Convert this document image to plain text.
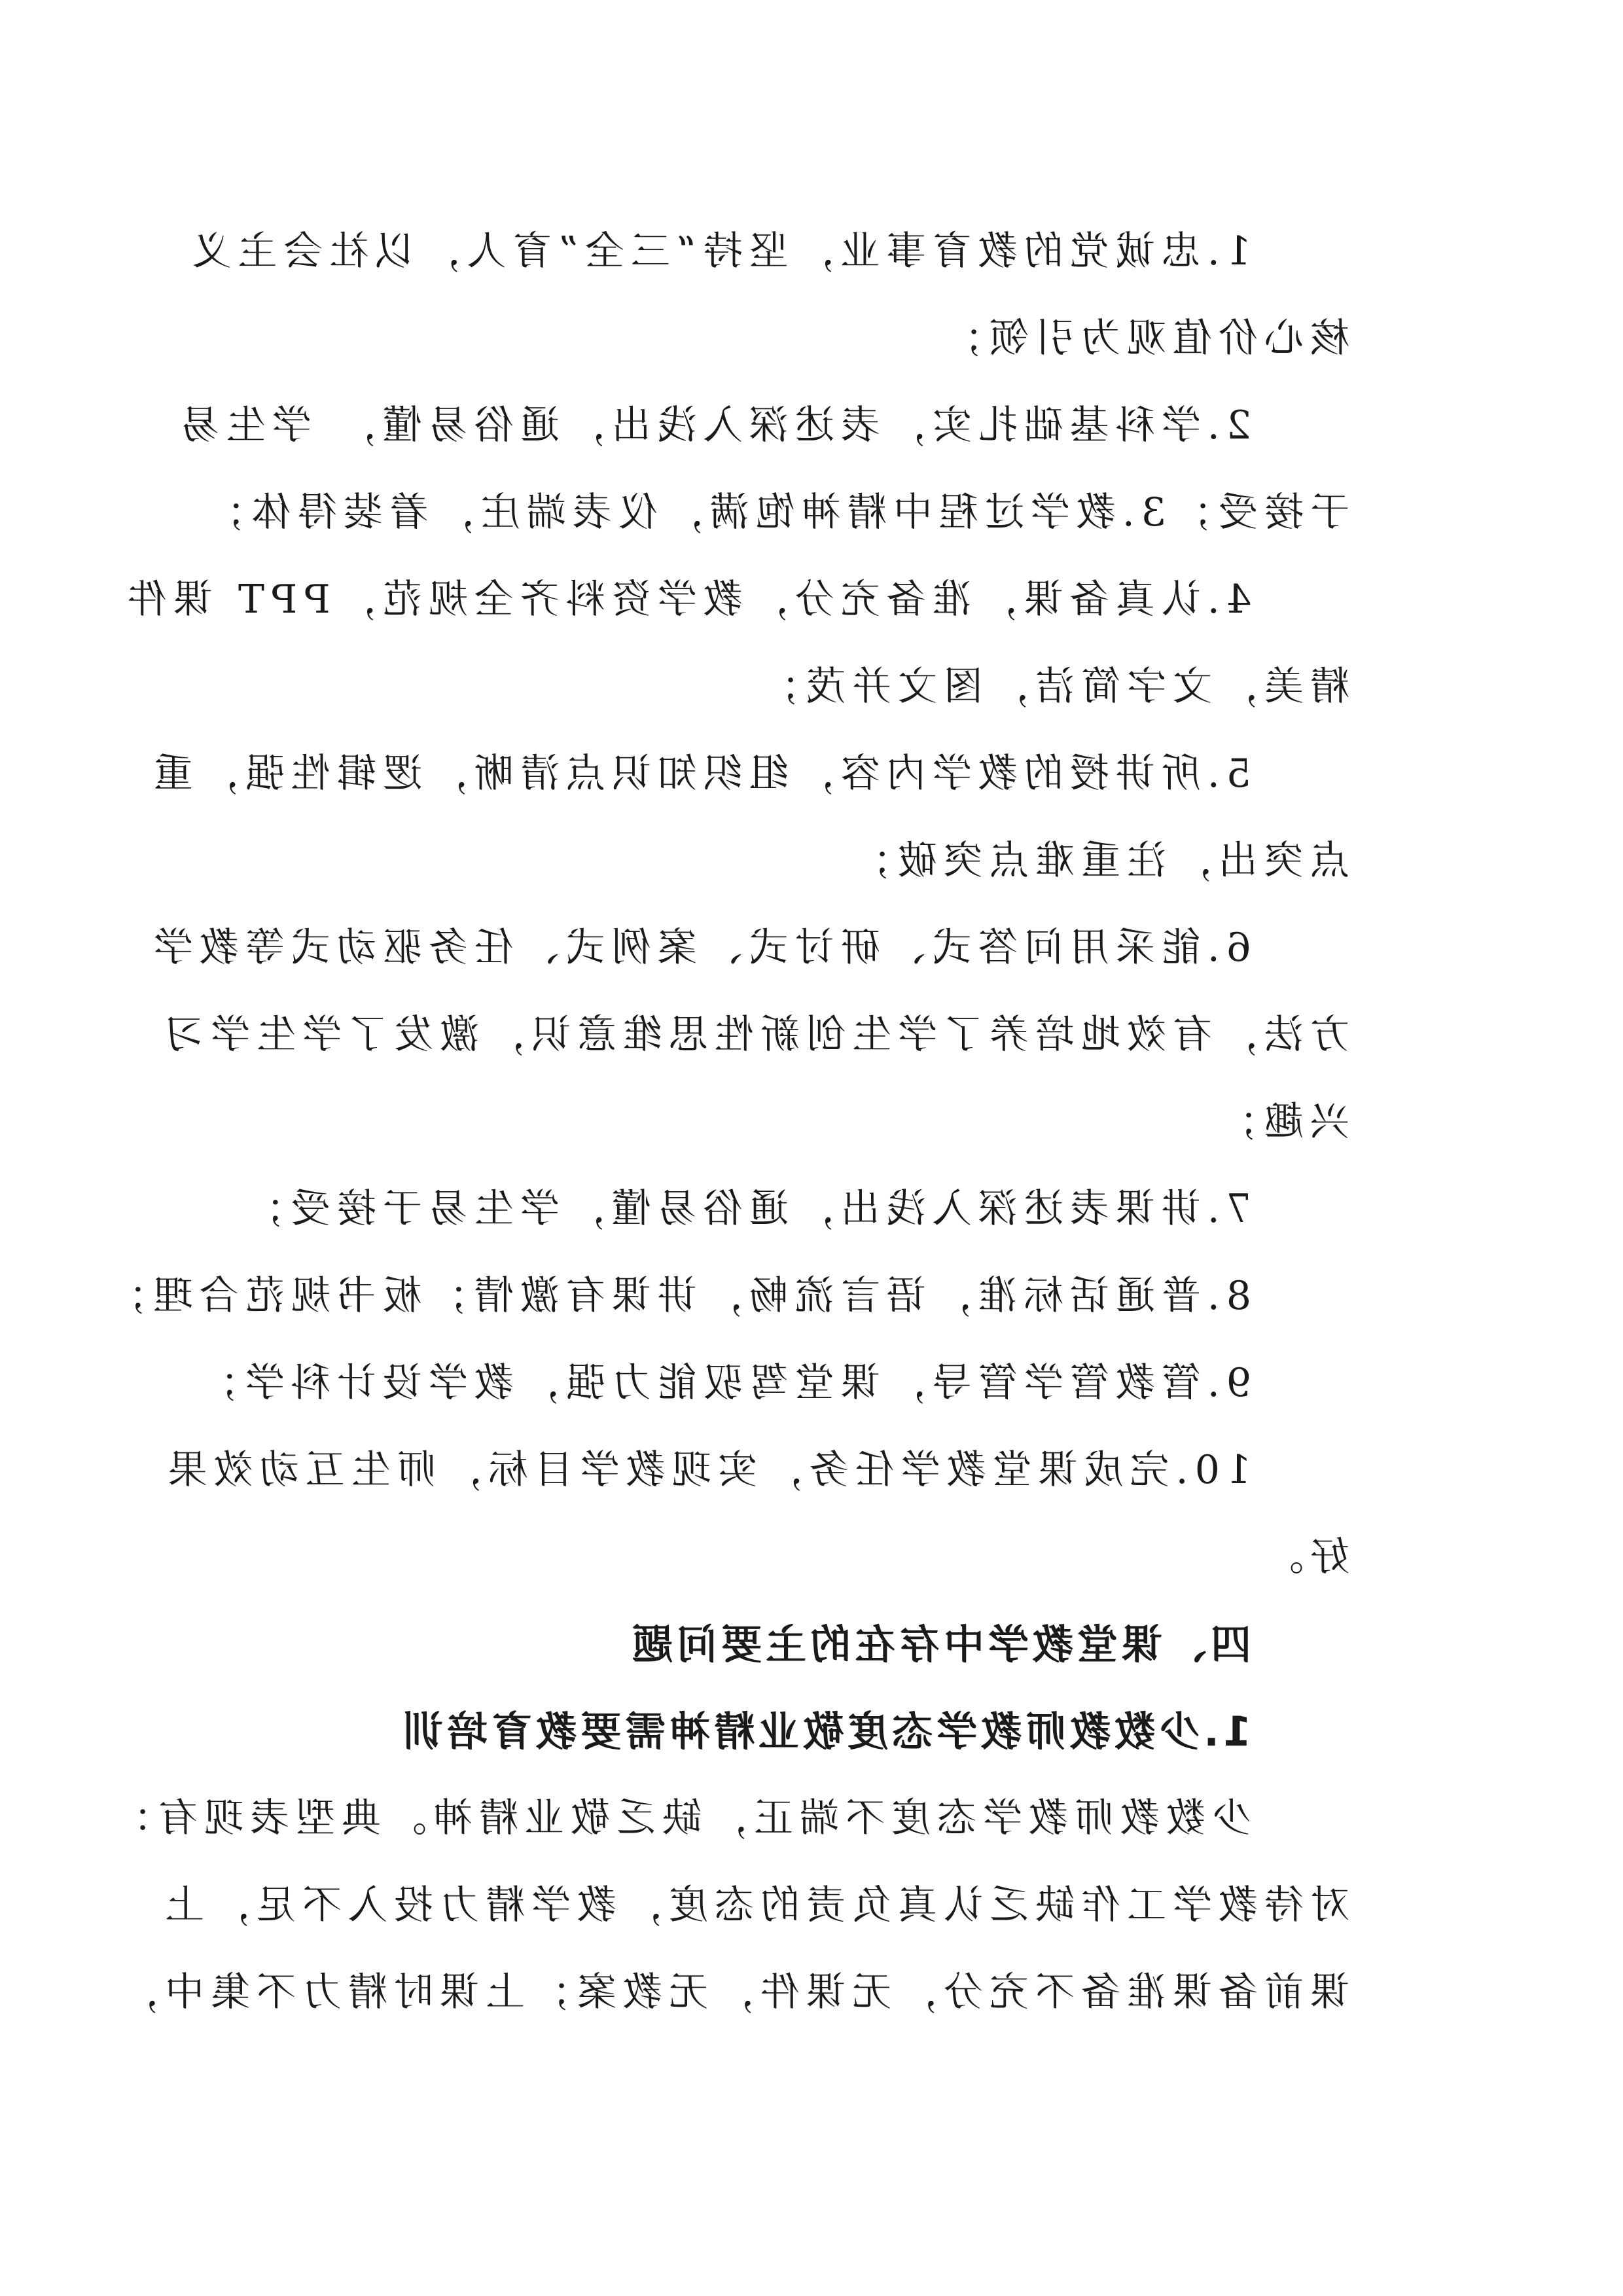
1.忠诚党的教育事业，坚持“三全”育人，以社会主义
核心价值观为引领；
2.学科基础扎实，表述深入浅出，通俗易懂， 学生易
于接受；3.教学过程中精神饱满，仪表端庄，着装得体；
4.认真备课，准备充分，教学资料齐全规范，PPT 课件
精美，文字简洁，图文并茂；
5.所讲授的教学内容，组织知识点清晰，逻辑性强，重
点突出，注重难点突破；
6.能采用问答式、研讨式、案例式、任务驱动式等教学
方法，有效地培养了学生创新性思维意识，激发了学生学习
兴趣；
7.讲课表述深入浅出，通俗易懂，学生易于接受；
8.普通话标准，语言流畅，讲课有激情；板书规范合理；
9.管教管学管导，课堂驾驭能力强，教学设计科学；
10.完成课堂教学任务，实现教学目标，师生互动效果
好。
四、课堂教学中存在的主要问题
1.少数教师教学态度敬业精神需要教育培训
少数教师教学态度不端正，缺乏敬业精神。典型表现有：
对待教学工作缺乏认真负责的态度，教学精力投入不足，上
课前备课准备不充分，无课件，无教案；上课时精力不集中，
